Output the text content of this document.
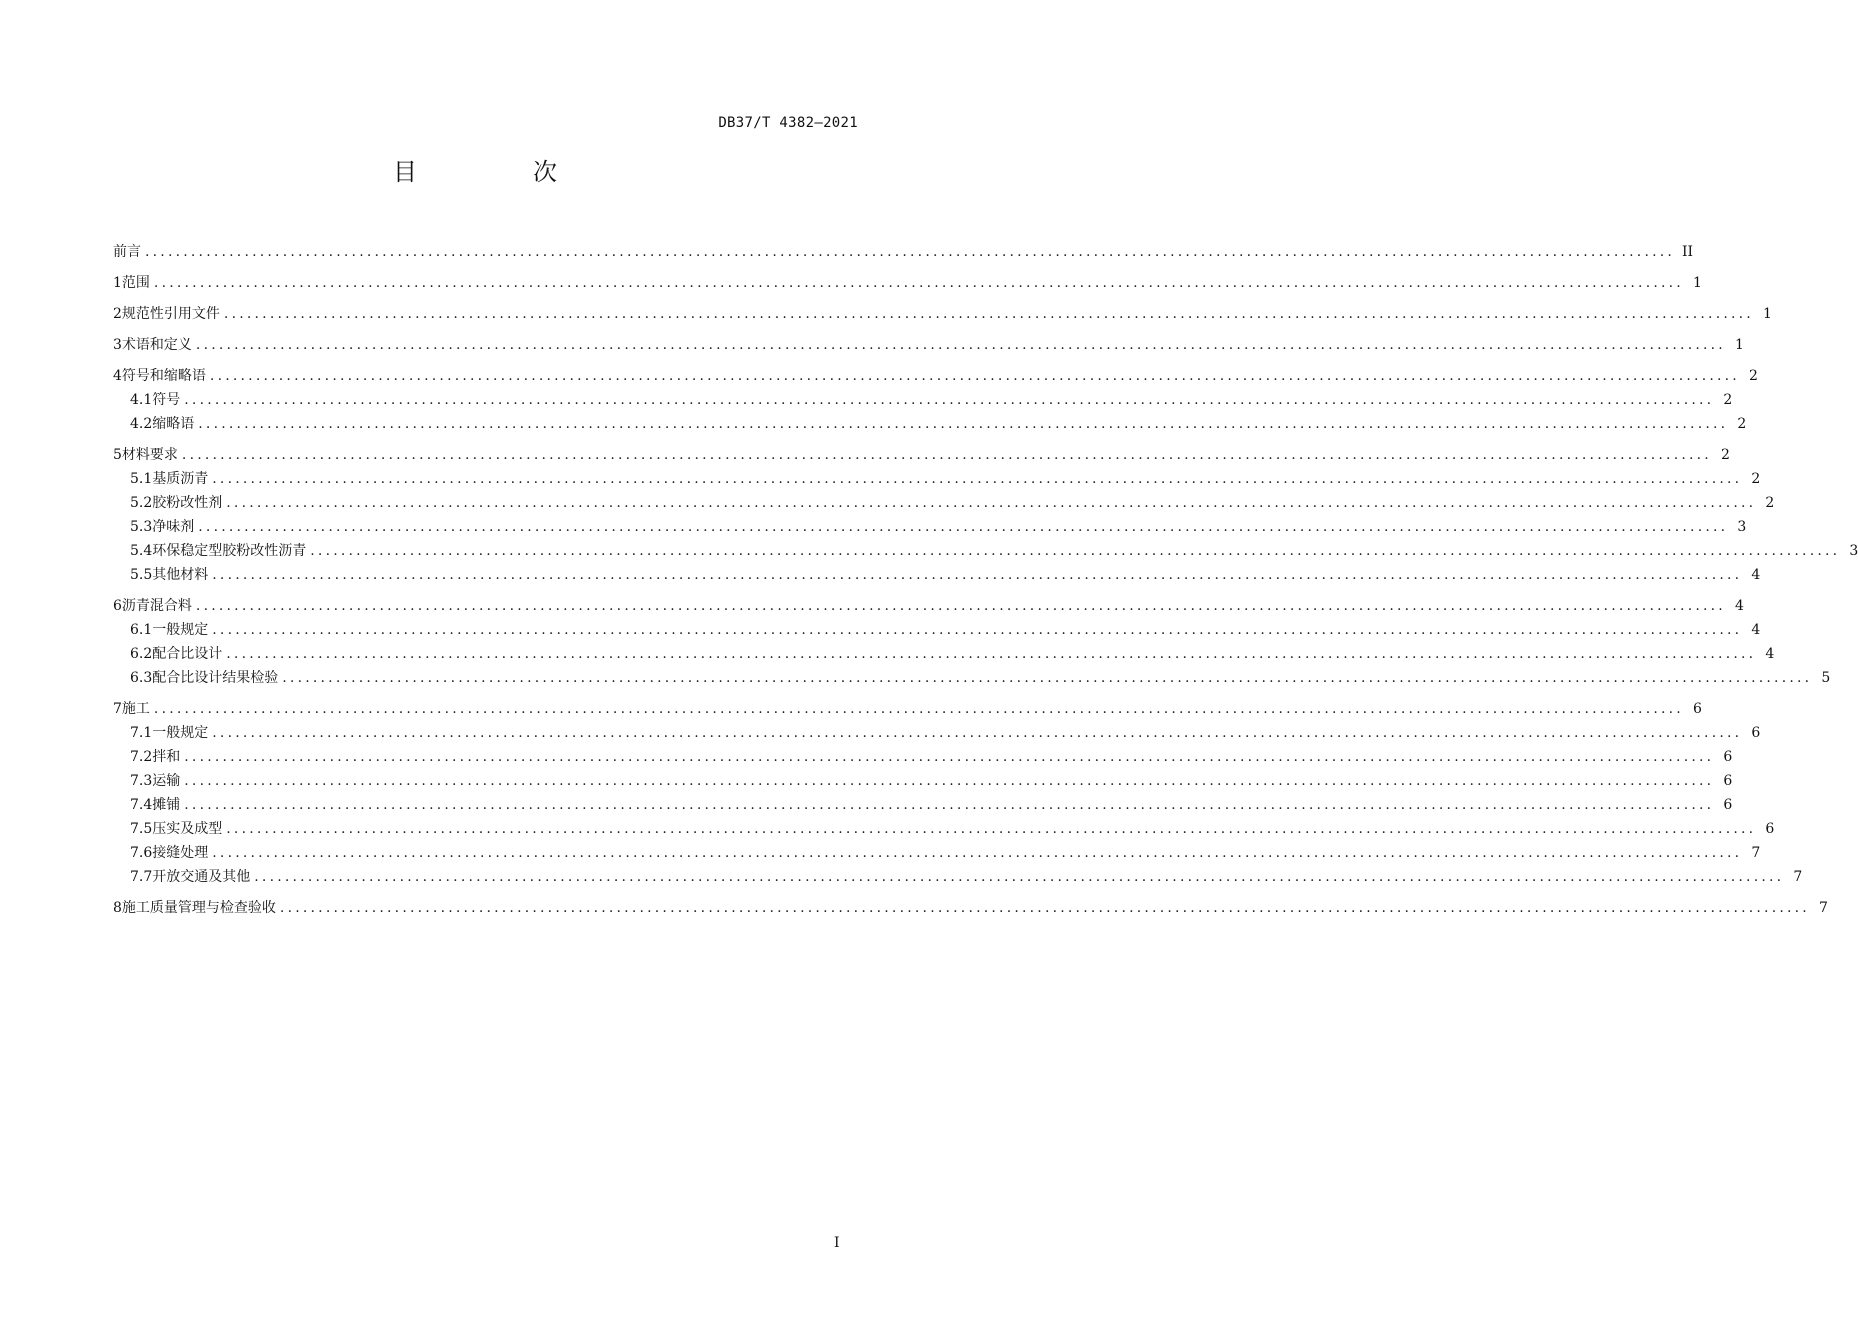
DB37/T 4382—2021
目　次
前言 ........................................................................................................................................................................................................ II
1 范围 ........................................................................................................................................................................................................ 1
2 规范性引用文件 ........................................................................................................................................................................................................ 1
3 术语和定义 ........................................................................................................................................................................................................ 1
4 符号和缩略语 ........................................................................................................................................................................................................ 2
4.1 符号 ........................................................................................................................................................................................................ 2
4.2 缩略语 ........................................................................................................................................................................................................ 2
5 材料要求 ........................................................................................................................................................................................................ 2
5.1 基质沥青 ........................................................................................................................................................................................................ 2
5.2 胶粉改性剂 ........................................................................................................................................................................................................ 2
5.3 净味剂 ........................................................................................................................................................................................................ 3
5.4 环保稳定型胶粉改性沥青 ........................................................................................................................................................................................................ 3
5.5 其他材料 ........................................................................................................................................................................................................ 4
6 沥青混合料 ........................................................................................................................................................................................................ 4
6.1 一般规定 ........................................................................................................................................................................................................ 4
6.2 配合比设计 ........................................................................................................................................................................................................ 4
6.3 配合比设计结果检验 ........................................................................................................................................................................................................ 5
7 施工 ........................................................................................................................................................................................................ 6
7.1 一般规定 ........................................................................................................................................................................................................ 6
7.2 拌和 ........................................................................................................................................................................................................ 6
7.3 运输 ........................................................................................................................................................................................................ 6
7.4 摊铺 ........................................................................................................................................................................................................ 6
7.5 压实及成型 ........................................................................................................................................................................................................ 6
7.6 接缝处理 ........................................................................................................................................................................................................ 7
7.7 开放交通及其他 ........................................................................................................................................................................................................ 7
8 施工质量管理与检查验收 ........................................................................................................................................................................................................ 7
I
